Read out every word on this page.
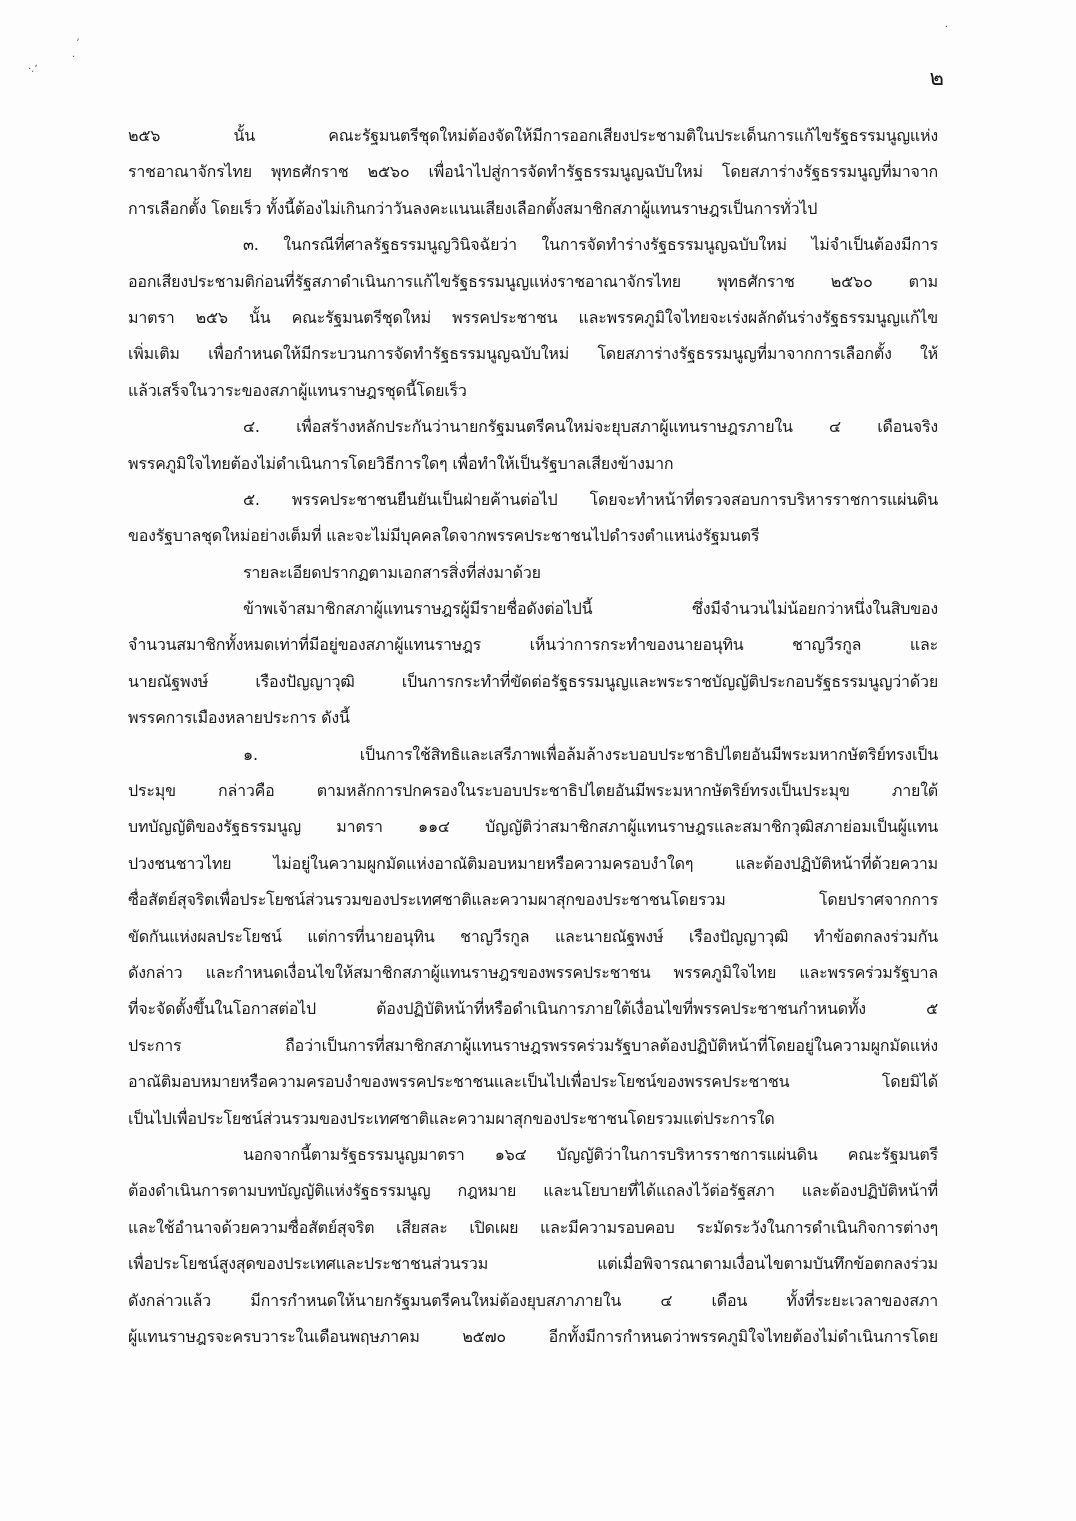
·.ʻ
ʼ
·
·
๒
๒๕๖ นั้น คณะรัฐมนตรีชุดใหม่ต้องจัดให้มีการออกเสียงประชามติในประเด็นการแก้ไขรัฐธรรมนูญแห่ง
ราชอาณาจักรไทย พุทธศักราช ๒๕๖๐ เพื่อนำไปสู่การจัดทำรัฐธรรมนูญฉบับใหม่ โดยสภาร่างรัฐธรรมนูญที่มาจาก
การเลือกตั้ง โดยเร็ว ทั้งนี้ต้องไม่เกินกว่าวันลงคะแนนเสียงเลือกตั้งสมาชิกสภาผู้แทนราษฎรเป็นการทั่วไป
๓. ในกรณีที่ศาลรัฐธรรมนูญวินิจฉัยว่า ในการจัดทำร่างรัฐธรรมนูญฉบับใหม่ ไม่จำเป็นต้องมีการ
ออกเสียงประชามติก่อนที่รัฐสภาดำเนินการแก้ไขรัฐธรรมนูญแห่งราชอาณาจักรไทย พุทธศักราช ๒๕๖๐ ตาม
มาตรา ๒๕๖ นั้น คณะรัฐมนตรีชุดใหม่ พรรคประชาชน และพรรคภูมิใจไทยจะเร่งผลักดันร่างรัฐธรรมนูญแก้ไข
เพิ่มเติม เพื่อกำหนดให้มีกระบวนการจัดทำรัฐธรรมนูญฉบับใหม่ โดยสภาร่างรัฐธรรมนูญที่มาจากการเลือกตั้ง ให้
แล้วเสร็จในวาระของสภาผู้แทนราษฎรชุดนี้โดยเร็ว
๔. เพื่อสร้างหลักประกันว่านายกรัฐมนตรีคนใหม่จะยุบสภาผู้แทนราษฎรภายใน ๔ เดือนจริง
พรรคภูมิใจไทยต้องไม่ดำเนินการโดยวิธีการใดๆ เพื่อทำให้เป็นรัฐบาลเสียงข้างมาก
๕. พรรคประชาชนยืนยันเป็นฝ่ายค้านต่อไป โดยจะทำหน้าที่ตรวจสอบการบริหารราชการแผ่นดิน
ของรัฐบาลชุดใหม่อย่างเต็มที่ และจะไม่มีบุคคลใดจากพรรคประชาชนไปดำรงตำแหน่งรัฐมนตรี
รายละเอียดปรากฏตามเอกสารสิ่งที่ส่งมาด้วย
ข้าพเจ้าสมาชิกสภาผู้แทนราษฎรผู้มีรายชื่อดังต่อไปนี้ ซึ่งมีจำนวนไม่น้อยกว่าหนึ่งในสิบของ
จำนวนสมาชิกทั้งหมดเท่าที่มีอยู่ของสภาผู้แทนราษฎร เห็นว่าการกระทำของนายอนุทิน ชาญวีรกูล และ
นายณัฐพงษ์ เรืองปัญญาวุฒิ เป็นการกระทำที่ขัดต่อรัฐธรรมนูญและพระราชบัญญัติประกอบรัฐธรรมนูญว่าด้วย
พรรคการเมืองหลายประการ ดังนี้
๑. เป็นการใช้สิทธิและเสรีภาพเพื่อล้มล้างระบอบประชาธิปไตยอันมีพระมหากษัตริย์ทรงเป็น
ประมุข กล่าวคือ ตามหลักการปกครองในระบอบประชาธิปไตยอันมีพระมหากษัตริย์ทรงเป็นประมุข ภายใต้
บทบัญญัติของรัฐธรรมนูญ มาตรา ๑๑๔ บัญญัติว่าสมาชิกสภาผู้แทนราษฎรและสมาชิกวุฒิสภาย่อมเป็นผู้แทน
ปวงชนชาวไทย ไม่อยู่ในความผูกมัดแห่งอาณัติมอบหมายหรือความครอบงำใดๆ และต้องปฏิบัติหน้าที่ด้วยความ
ซื่อสัตย์สุจริตเพื่อประโยชน์ส่วนรวมของประเทศชาติและความผาสุกของประชาชนโดยรวม โดยปราศจากการ
ขัดกันแห่งผลประโยชน์ แต่การที่นายอนุทิน ชาญวีรกูล และนายณัฐพงษ์ เรืองปัญญาวุฒิ ทำข้อตกลงร่วมกัน
ดังกล่าว และกำหนดเงื่อนไขให้สมาชิกสภาผู้แทนราษฎรของพรรคประชาชน พรรคภูมิใจไทย และพรรคร่วมรัฐบาล
ที่จะจัดตั้งขึ้นในโอกาสต่อไป ต้องปฏิบัติหน้าที่หรือดำเนินการภายใต้เงื่อนไขที่พรรคประชาชนกำหนดทั้ง ๕
ประการ ถือว่าเป็นการที่สมาชิกสภาผู้แทนราษฎรพรรคร่วมรัฐบาลต้องปฏิบัติหน้าที่โดยอยู่ในความผูกมัดแห่ง
อาณัติมอบหมายหรือความครอบงำของพรรคประชาชนและเป็นไปเพื่อประโยชน์ของพรรคประชาชน โดยมิได้
เป็นไปเพื่อประโยชน์ส่วนรวมของประเทศชาติและความผาสุกของประชาชนโดยรวมแต่ประการใด
นอกจากนี้ตามรัฐธรรมนูญมาตรา ๑๖๔ บัญญัติว่าในการบริหารราชการแผ่นดิน คณะรัฐมนตรี
ต้องดำเนินการตามบทบัญญัติแห่งรัฐธรรมนูญ กฎหมาย และนโยบายที่ได้แถลงไว้ต่อรัฐสภา และต้องปฏิบัติหน้าที่
และใช้อำนาจด้วยความซื่อสัตย์สุจริต เสียสละ เปิดเผย และมีความรอบคอบ ระมัดระวังในการดำเนินกิจการต่างๆ
เพื่อประโยชน์สูงสุดของประเทศและประชาชนส่วนรวม แต่เมื่อพิจารณาตามเงื่อนไขตามบันทึกข้อตกลงร่วม
ดังกล่าวแล้ว มีการกำหนดให้นายกรัฐมนตรีคนใหม่ต้องยุบสภาภายใน ๔ เดือน ทั้งที่ระยะเวลาของสภา
ผู้แทนราษฎรจะครบวาระในเดือนพฤษภาคม ๒๕๗๐ อีกทั้งมีการกำหนดว่าพรรคภูมิใจไทยต้องไม่ดำเนินการโดย
